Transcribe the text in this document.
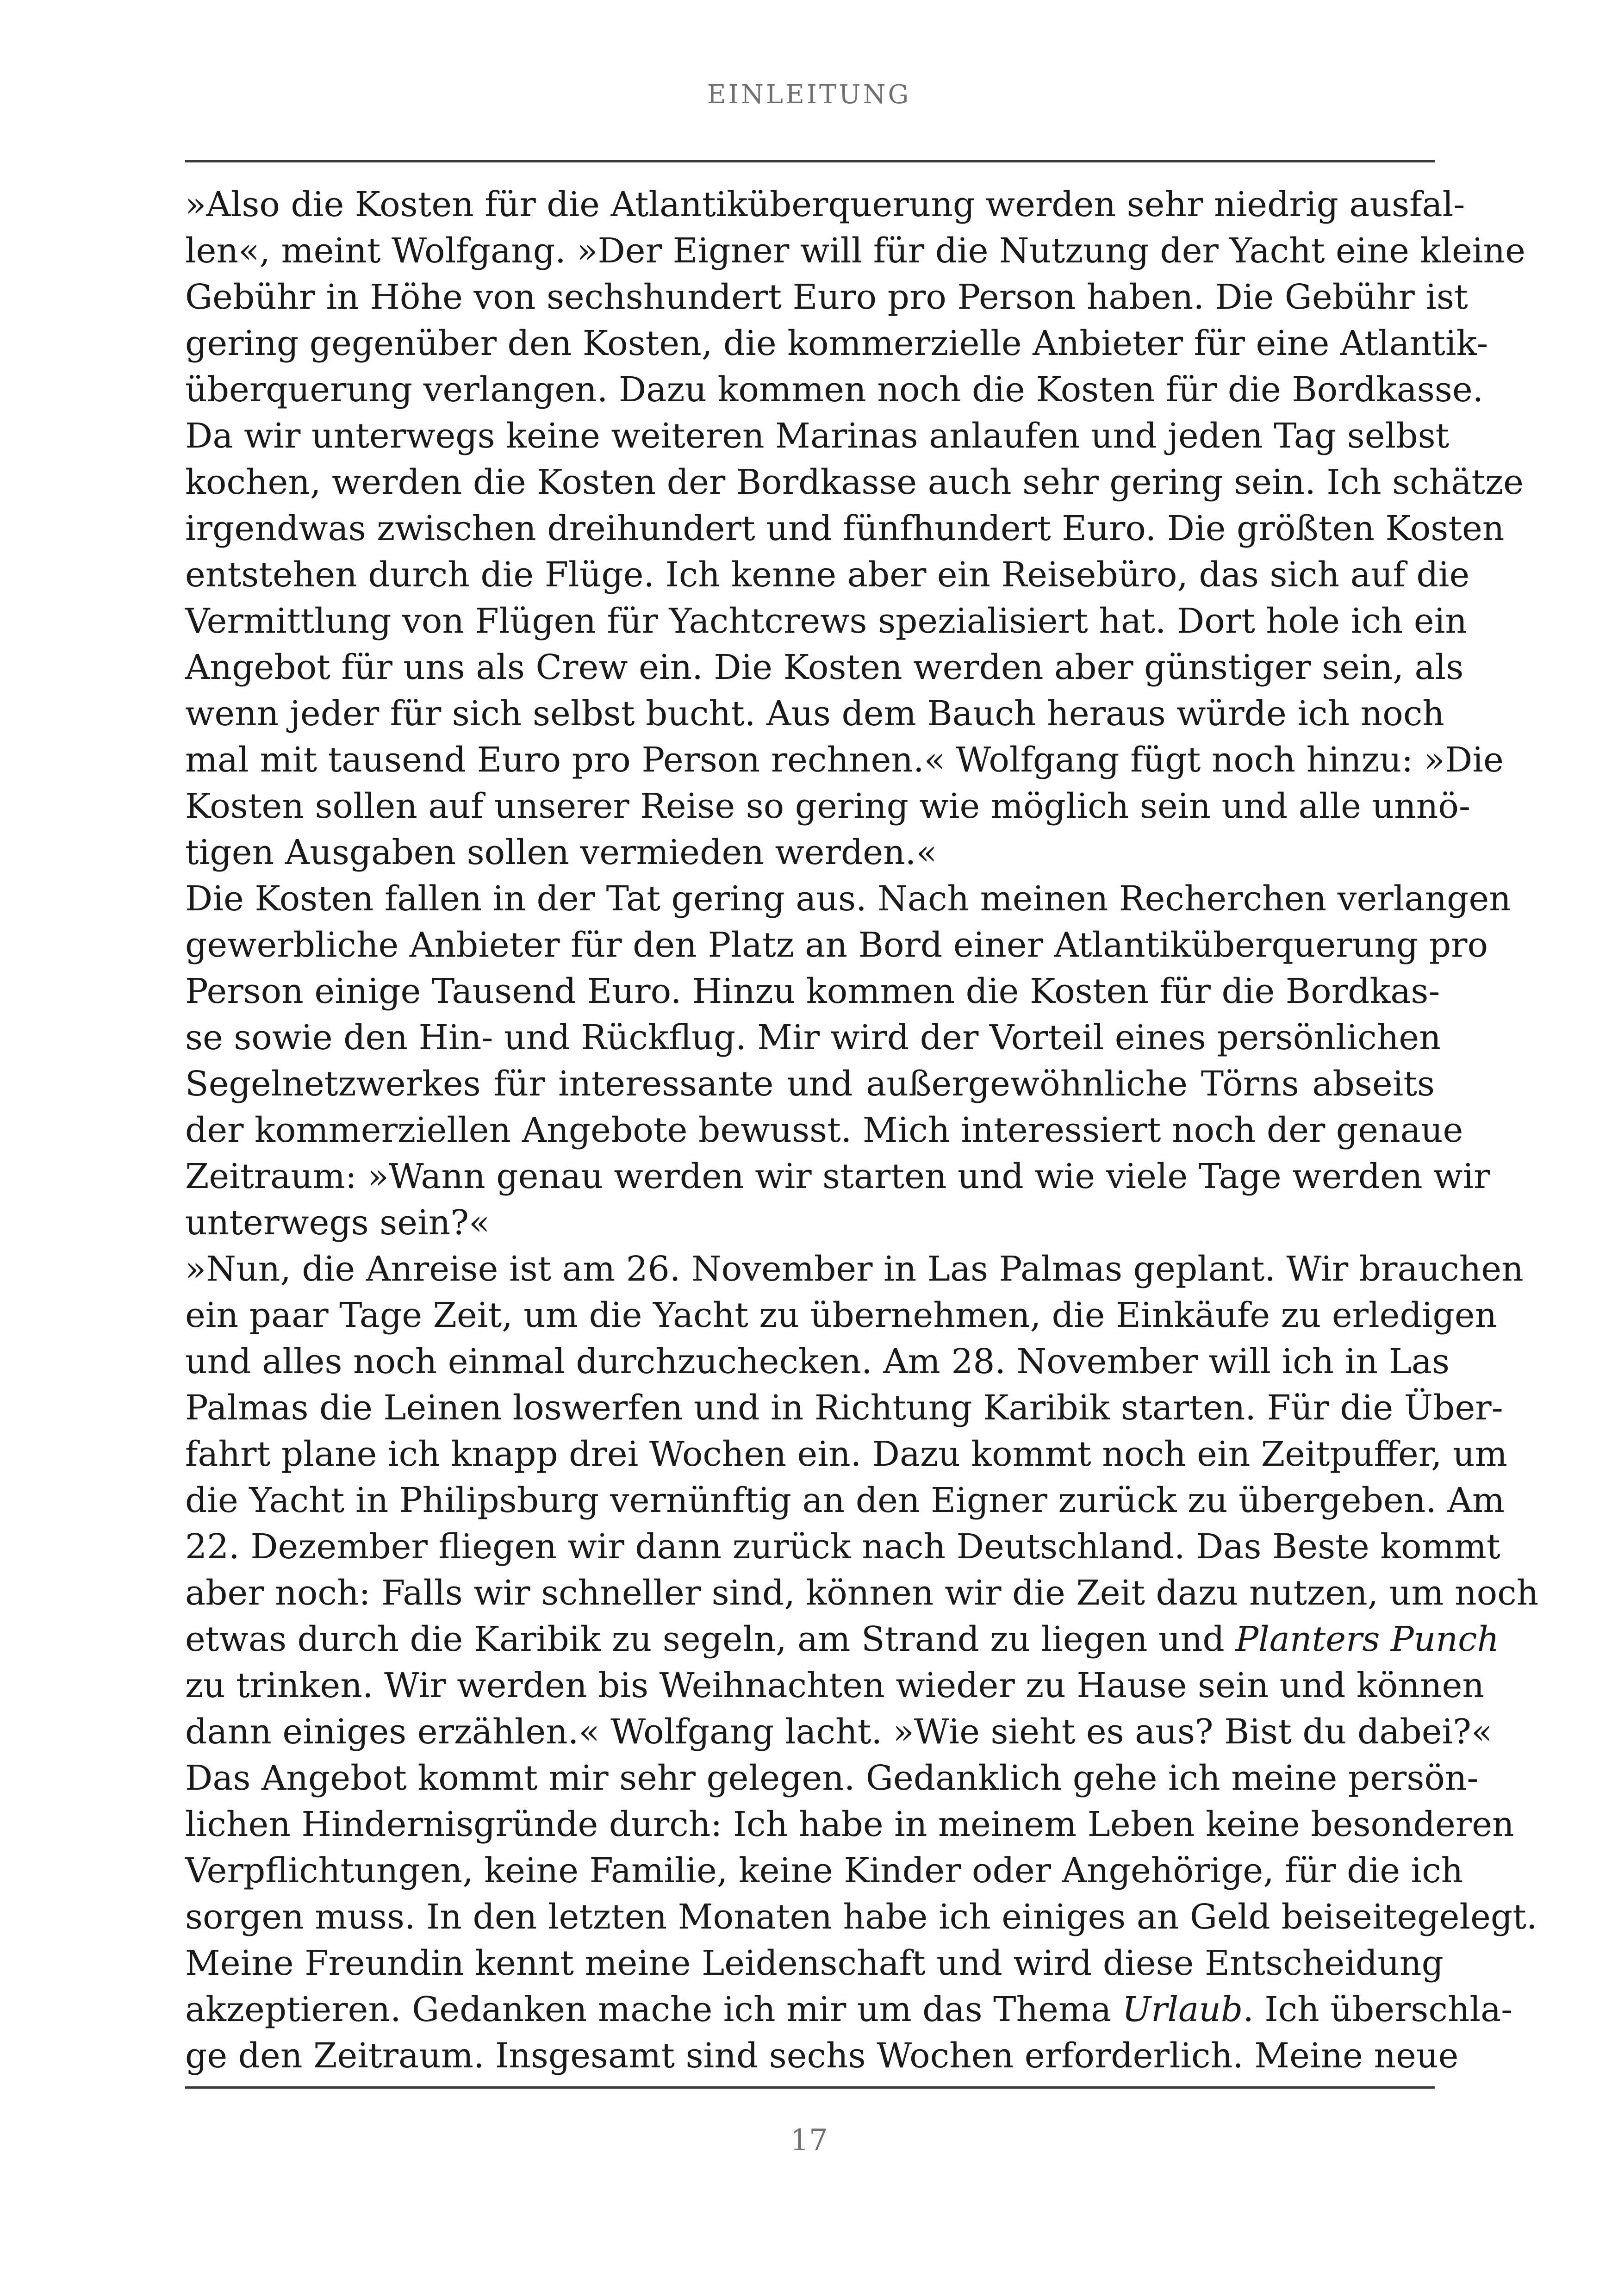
EINLEITUNG
»Also die Kosten für die Atlantiküberquerung werden sehr niedrig ausfal-
len«, meint Wolfgang. »Der Eigner will für die Nutzung der Yacht eine kleine
Gebühr in Höhe von sechshundert Euro pro Person haben. Die Gebühr ist
gering gegenüber den Kosten, die kommerzielle Anbieter für eine Atlantik-
überquerung verlangen. Dazu kommen noch die Kosten für die Bordkasse.
Da wir unterwegs keine weiteren Marinas anlaufen und jeden Tag selbst
kochen, werden die Kosten der Bordkasse auch sehr gering sein. Ich schätze
irgendwas zwischen dreihundert und fünfhundert Euro. Die größten Kosten
entstehen durch die Flüge. Ich kenne aber ein Reisebüro, das sich auf die
Vermittlung von Flügen für Yachtcrews spezialisiert hat. Dort hole ich ein
Angebot für uns als Crew ein. Die Kosten werden aber günstiger sein, als
wenn jeder für sich selbst bucht. Aus dem Bauch heraus würde ich noch
mal mit tausend Euro pro Person rechnen.« Wolfgang fügt noch hinzu: »Die
Kosten sollen auf unserer Reise so gering wie möglich sein und alle unnö-
tigen Ausgaben sollen vermieden werden.«
Die Kosten fallen in der Tat gering aus. Nach meinen Recherchen verlangen
gewerbliche Anbieter für den Platz an Bord einer Atlantiküberquerung pro
Person einige Tausend Euro. Hinzu kommen die Kosten für die Bordkas-
se sowie den Hin- und Rückflug. Mir wird der Vorteil eines persönlichen
Segelnetzwerkes für interessante und außergewöhnliche Törns abseits
der kommerziellen Angebote bewusst. Mich interessiert noch der genaue
Zeitraum: »Wann genau werden wir starten und wie viele Tage werden wir
unterwegs sein?«
»Nun, die Anreise ist am 26. November in Las Palmas geplant. Wir brauchen
ein paar Tage Zeit, um die Yacht zu übernehmen, die Einkäufe zu erledigen
und alles noch einmal durchzuchecken. Am 28. November will ich in Las
Palmas die Leinen loswerfen und in Richtung Karibik starten. Für die Über-
fahrt plane ich knapp drei Wochen ein. Dazu kommt noch ein Zeitpuffer, um
die Yacht in Philipsburg vernünftig an den Eigner zurück zu übergeben. Am
22. Dezember fliegen wir dann zurück nach Deutschland. Das Beste kommt
aber noch: Falls wir schneller sind, können wir die Zeit dazu nutzen, um noch
etwas durch die Karibik zu segeln, am Strand zu liegen und Planters Punch
zu trinken. Wir werden bis Weihnachten wieder zu Hause sein und können
dann einiges erzählen.« Wolfgang lacht. »Wie sieht es aus? Bist du dabei?«
Das Angebot kommt mir sehr gelegen. Gedanklich gehe ich meine persön-
lichen Hindernisgründe durch: Ich habe in meinem Leben keine besonderen
Verpflichtungen, keine Familie, keine Kinder oder Angehörige, für die ich
sorgen muss. In den letzten Monaten habe ich einiges an Geld beiseitegelegt.
Meine Freundin kennt meine Leidenschaft und wird diese Entscheidung
akzeptieren. Gedanken mache ich mir um das Thema Urlaub. Ich überschla-
ge den Zeitraum. Insgesamt sind sechs Wochen erforderlich. Meine neue
17
